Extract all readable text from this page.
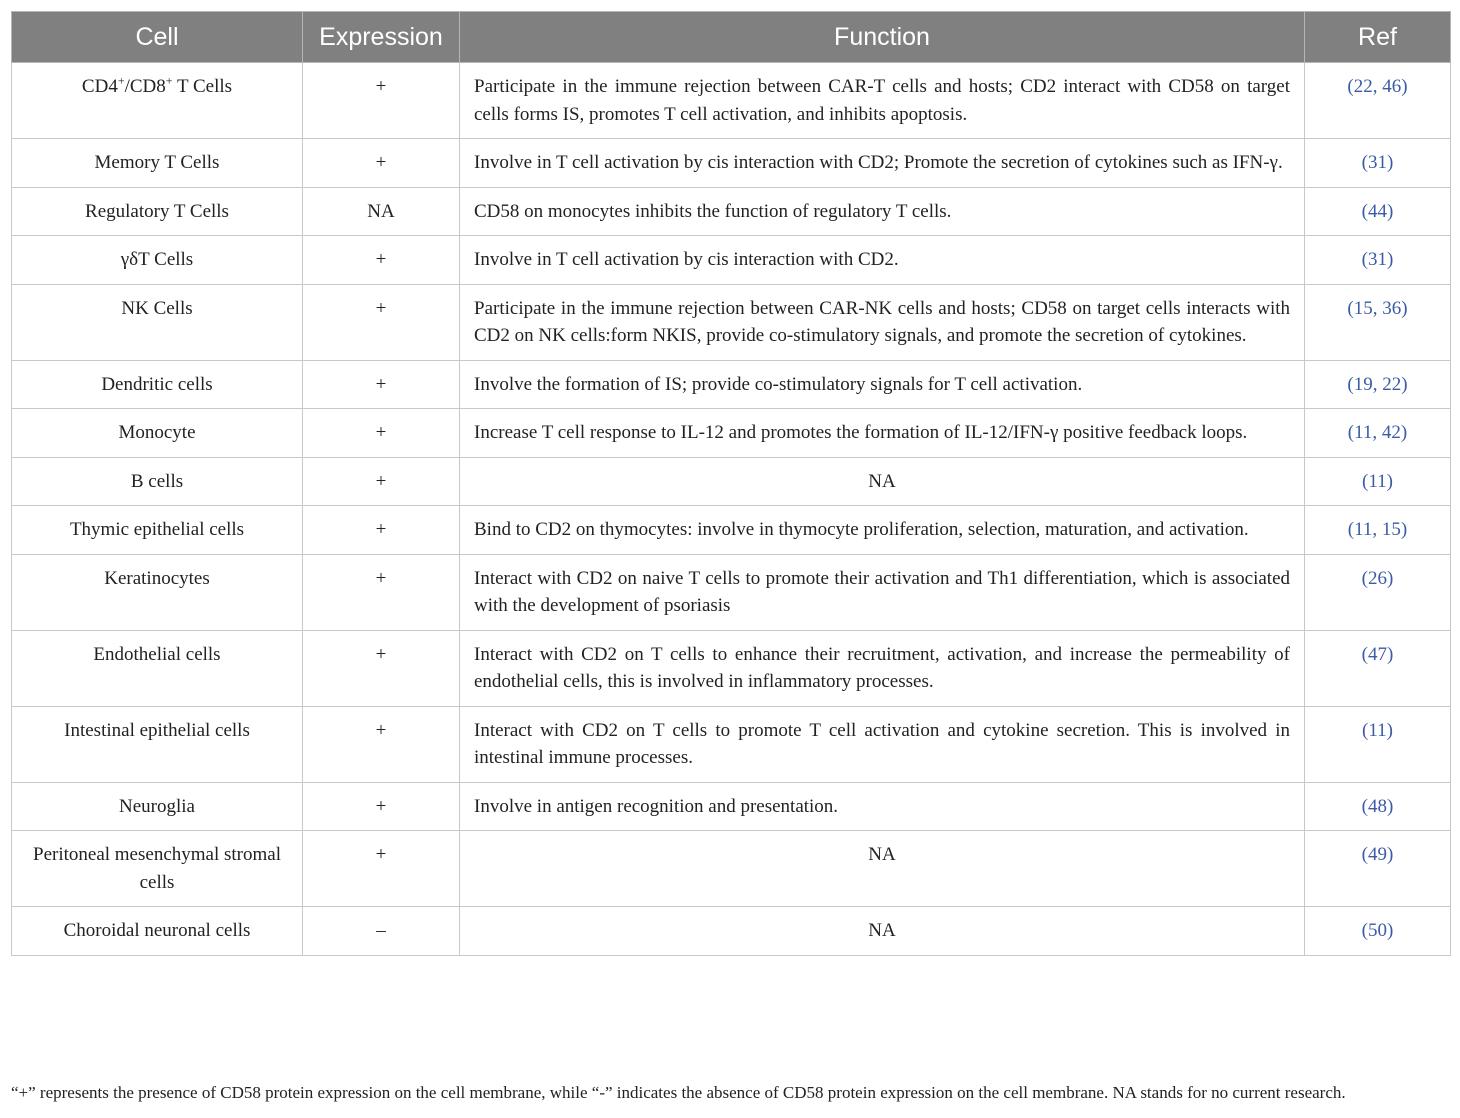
Cell	Expression	Function	Ref
CD4+/CD8+ T Cells	+	Participate in the immune rejection between CAR-T cells and hosts; CD2 interact with CD58 on target cells forms IS, promotes T cell activation, and inhibits apoptosis.	(22, 46)
Memory T Cells	+	Involve in T cell activation by cis interaction with CD2; Promote the secretion of cytokines such as IFN-γ.	(31)
Regulatory T Cells	NA	CD58 on monocytes inhibits the function of regulatory T cells.	(44)
γδT Cells	+	Involve in T cell activation by cis interaction with CD2.	(31)
NK Cells	+	Participate in the immune rejection between CAR-NK cells and hosts; CD58 on target cells interacts with CD2 on NK cells:form NKIS, provide co-stimulatory signals, and promote the secretion of cytokines.	(15, 36)
Dendritic cells	+	Involve the formation of IS; provide co-stimulatory signals for T cell activation.	(19, 22)
Monocyte	+	Increase T cell response to IL-12 and promotes the formation of IL-12/IFN-γ positive feedback loops.	(11, 42)
B cells	+	NA	(11)
Thymic epithelial cells	+	Bind to CD2 on thymocytes: involve in thymocyte proliferation, selection, maturation, and activation.	(11, 15)
Keratinocytes	+	Interact with CD2 on naive T cells to promote their activation and Th1 differentiation, which is associated with the development of psoriasis	(26)
Endothelial cells	+	Interact with CD2 on T cells to enhance their recruitment, activation, and increase the permeability of endothelial cells, this is involved in inflammatory processes.	(47)
Intestinal epithelial cells	+	Interact with CD2 on T cells to promote T cell activation and cytokine secretion. This is involved in intestinal immune processes.	(11)
Neuroglia	+	Involve in antigen recognition and presentation.	(48)
Peritoneal mesenchymal stromal cells	+	NA	(49)
Choroidal neuronal cells	–	NA	(50)

“+” represents the presence of CD58 protein expression on the cell membrane, while “-” indicates the absence of CD58 protein expression on the cell membrane. NA stands for no current research.
